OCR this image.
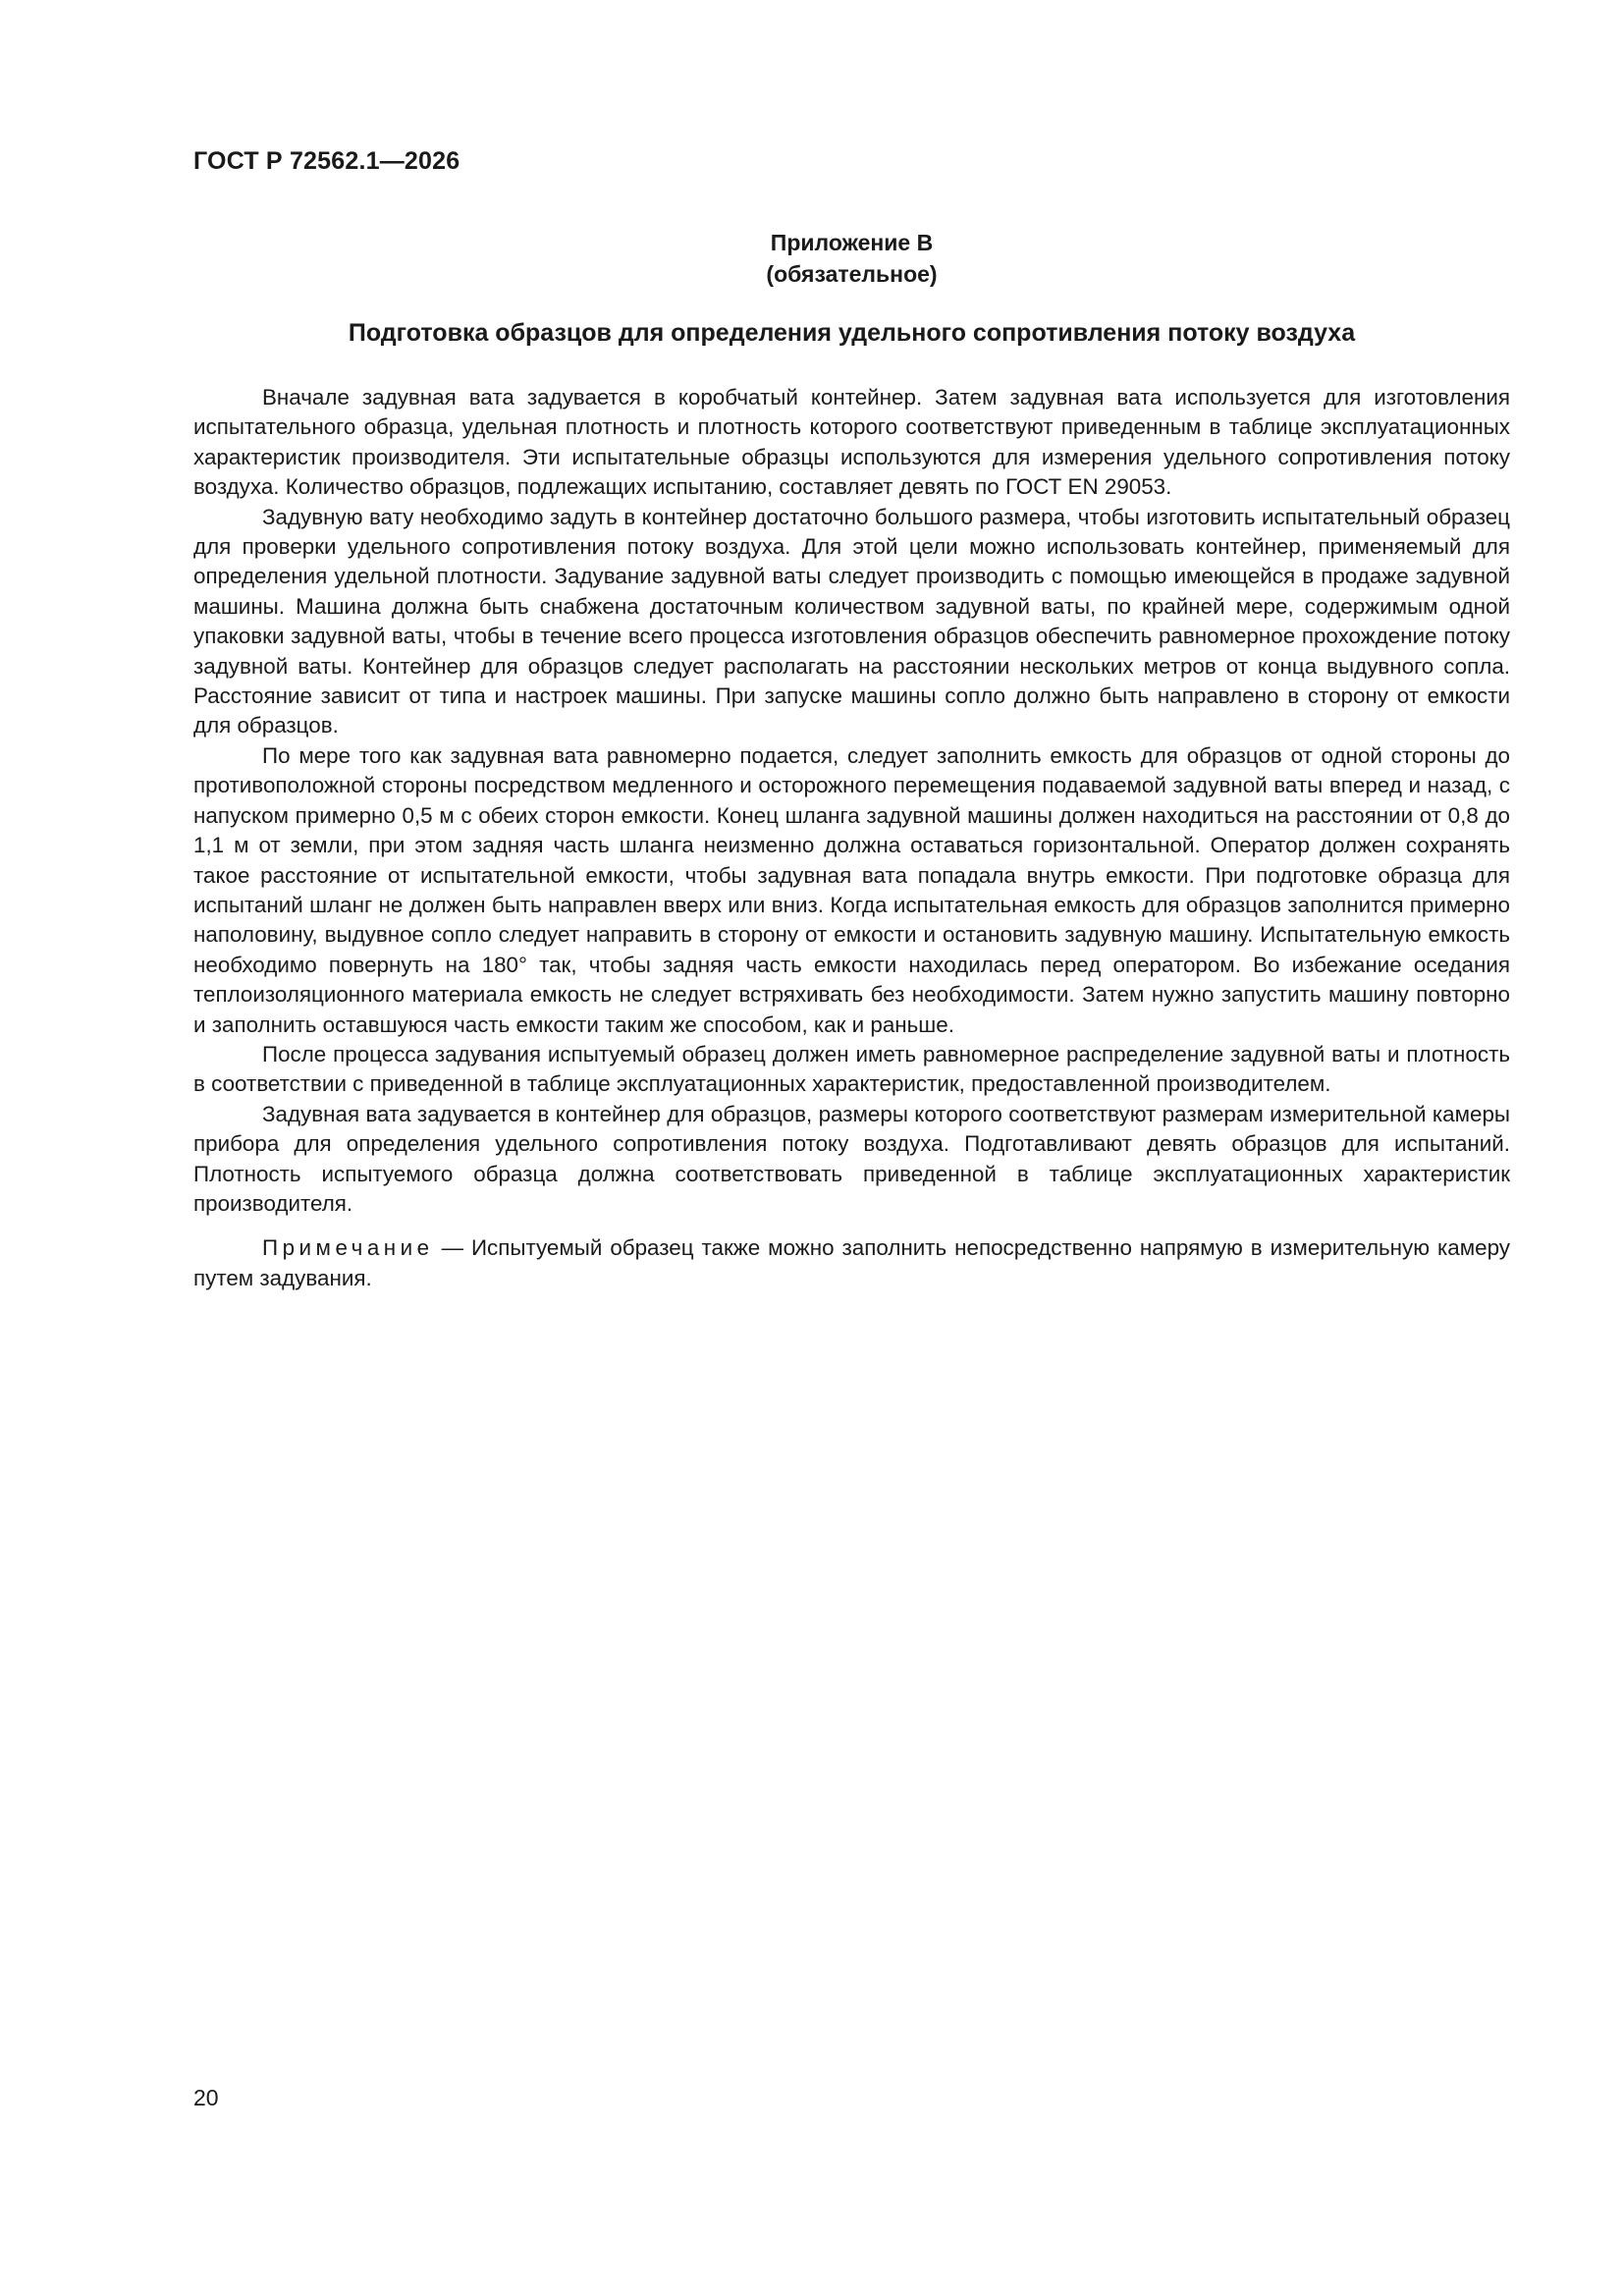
ГОСТ Р 72562.1—2026
Приложение В
(обязательное)
Подготовка образцов для определения удельного сопротивления потоку воздуха

Вначале задувная вата задувается в коробчатый контейнер. Затем задувная вата используется для изготовления испытательного образца, удельная плотность и плотность которого соответствуют приведенным в таблице эксплуатационных характеристик производителя. Эти испытательные образцы используются для измерения удельного сопротивления потоку воздуха. Количество образцов, подлежащих испытанию, составляет девять по ГОСТ EN 29053.

Задувную вату необходимо задуть в контейнер достаточно большого размера, чтобы изготовить испытательный образец для проверки удельного сопротивления потоку воздуха. Для этой цели можно использовать контейнер, применяемый для определения удельной плотности. Задувание задувной ваты следует производить с помощью имеющейся в продаже задувной машины. Машина должна быть снабжена достаточным количеством задувной ваты, по крайней мере, содержимым одной упаковки задувной ваты, чтобы в течение всего процесса изготовления образцов обеспечить равномерное прохождение потоку задувной ваты. Контейнер для образцов следует располагать на расстоянии нескольких метров от конца выдувного сопла. Расстояние зависит от типа и настроек машины. При запуске машины сопло должно быть направлено в сторону от емкости для образцов.

По мере того как задувная вата равномерно подается, следует заполнить емкость для образцов от одной стороны до противоположной стороны посредством медленного и осторожного перемещения подаваемой задувной ваты вперед и назад, с напуском примерно 0,5 м с обеих сторон емкости. Конец шланга задувной машины должен находиться на расстоянии от 0,8 до 1,1 м от земли, при этом задняя часть шланга неизменно должна оставаться горизонтальной. Оператор должен сохранять такое расстояние от испытательной емкости, чтобы задувная вата попадала внутрь емкости. При подготовке образца для испытаний шланг не должен быть направлен вверх или вниз. Когда испытательная емкость для образцов заполнится примерно наполовину, выдувное сопло следует направить в сторону от емкости и остановить задувную машину. Испытательную емкость необходимо повернуть на 180° так, чтобы задняя часть емкости находилась перед оператором. Во избежание оседания теплоизоляционного материала емкость не следует встряхивать без необходимости. Затем нужно запустить машину повторно и заполнить оставшуюся часть емкости таким же способом, как и раньше.

После процесса задувания испытуемый образец должен иметь равномерное распределение задувной ваты и плотность в соответствии с приведенной в таблице эксплуатационных характеристик, предоставленной производителем.

Задувная вата задувается в контейнер для образцов, размеры которого соответствуют размерам измерительной камеры прибора для определения удельного сопротивления потоку воздуха. Подготавливают девять образцов для испытаний. Плотность испытуемого образца должна соответствовать приведенной в таблице эксплуатационных характеристик производителя.

Примечание — Испытуемый образец также можно заполнить непосредственно напрямую в измерительную камеру путем задувания.

20
